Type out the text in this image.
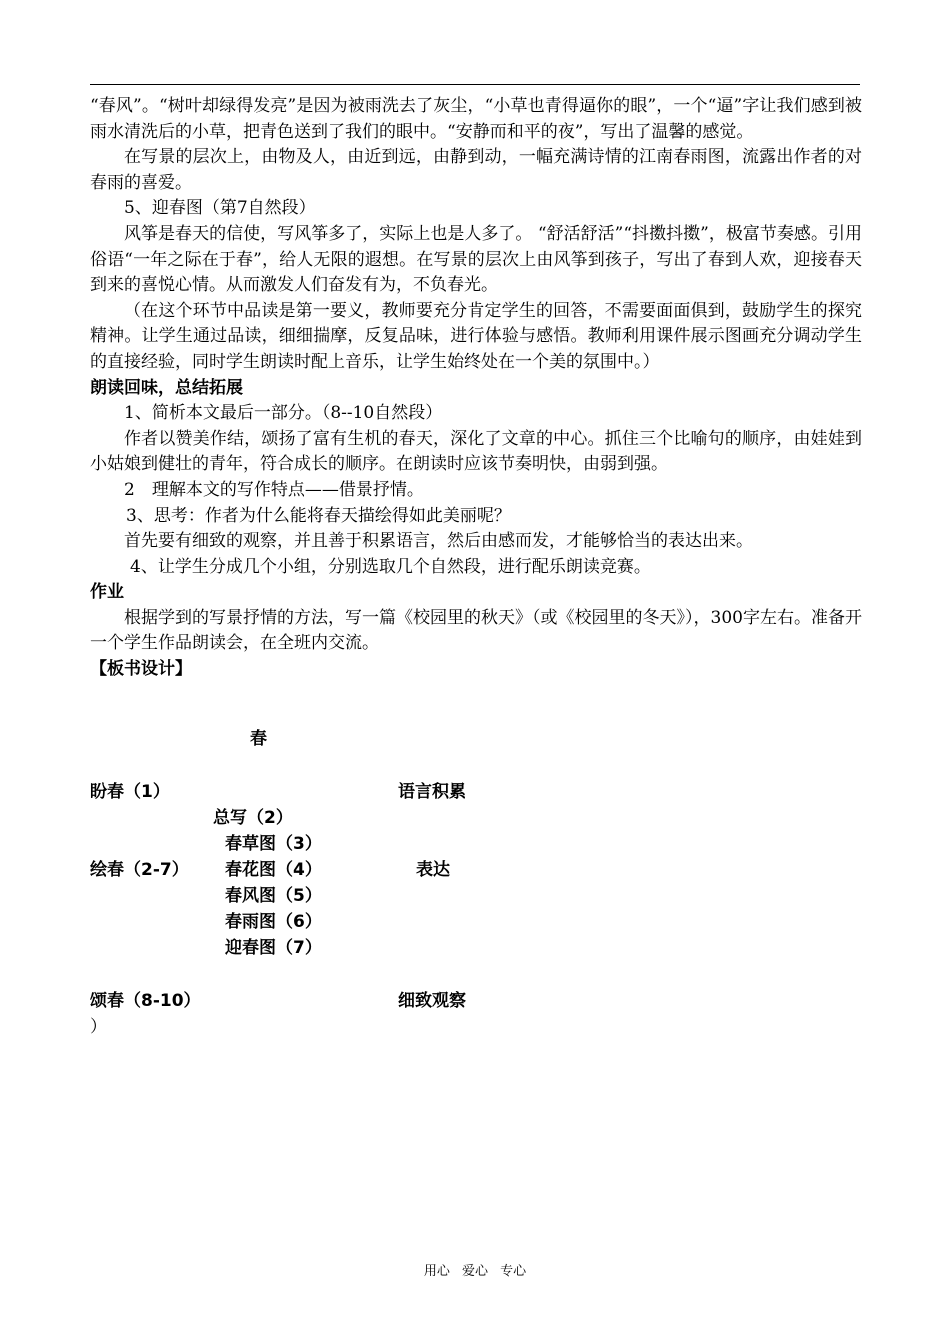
“春风”。“树叶却绿得发亮”是因为被雨洗去了灰尘，“小草也青得逼你的眼”，一个“逼”字让我们感到被雨水清洗后的小草，把青色送到了我们的眼中。“安静而和平的夜”，写出了温馨的感觉。

在写景的层次上，由物及人，由近到远，由静到动，一幅充满诗情的江南春雨图，流露出作者的对春雨的喜爱。

5、迎春图（第7自然段）

风筝是春天的信使，写风筝多了，实际上也是人多了。 “舒活舒活”“抖擞抖擞”，极富节奏感。引用俗语“一年之际在于春”，给人无限的遐想。在写景的层次上由风筝到孩子，写出了春到人欢，迎接春天到来的喜悦心情。从而激发人们奋发有为，不负春光。

（在这个环节中品读是第一要义，教师要充分肯定学生的回答，不需要面面俱到，鼓励学生的探究精神。让学生通过品读，细细揣摩，反复品味，进行体验与感悟。教师利用课件展示图画充分调动学生的直接经验，同时学生朗读时配上音乐，让学生始终处在一个美的氛围中。）

朗读回味，总结拓展

1、简析本文最后一部分。（8--10自然段）

作者以赞美作结，颂扬了富有生机的春天，深化了文章的中心。抓住三个比喻句的顺序，由娃娃到小姑娘到健壮的青年，符合成长的顺序。在朗读时应该节奏明快，由弱到强。

2　理解本文的写作特点——借景抒情。

3、思考：作者为什么能将春天描绘得如此美丽呢？

首先要有细致的观察，并且善于积累语言，然后由感而发，才能够恰当的表达出来。

4、让学生分成几个小组，分别选取几个自然段，进行配乐朗读竞赛。

作业

根据学到的写景抒情的方法，写一篇《校园里的秋天》（或《校园里的冬天》），300字左右。准备开一个学生作品朗读会，在全班内交流。

【板书设计】

春
盼春（1）	语言积累
总写（2）
春草图（3）
绘春（2-7） 春花图（4）	表达
春风图（5）
春雨图（6）
迎春图（7）
颂春（8-10）	细致观察
）
用心 爱心 专心
